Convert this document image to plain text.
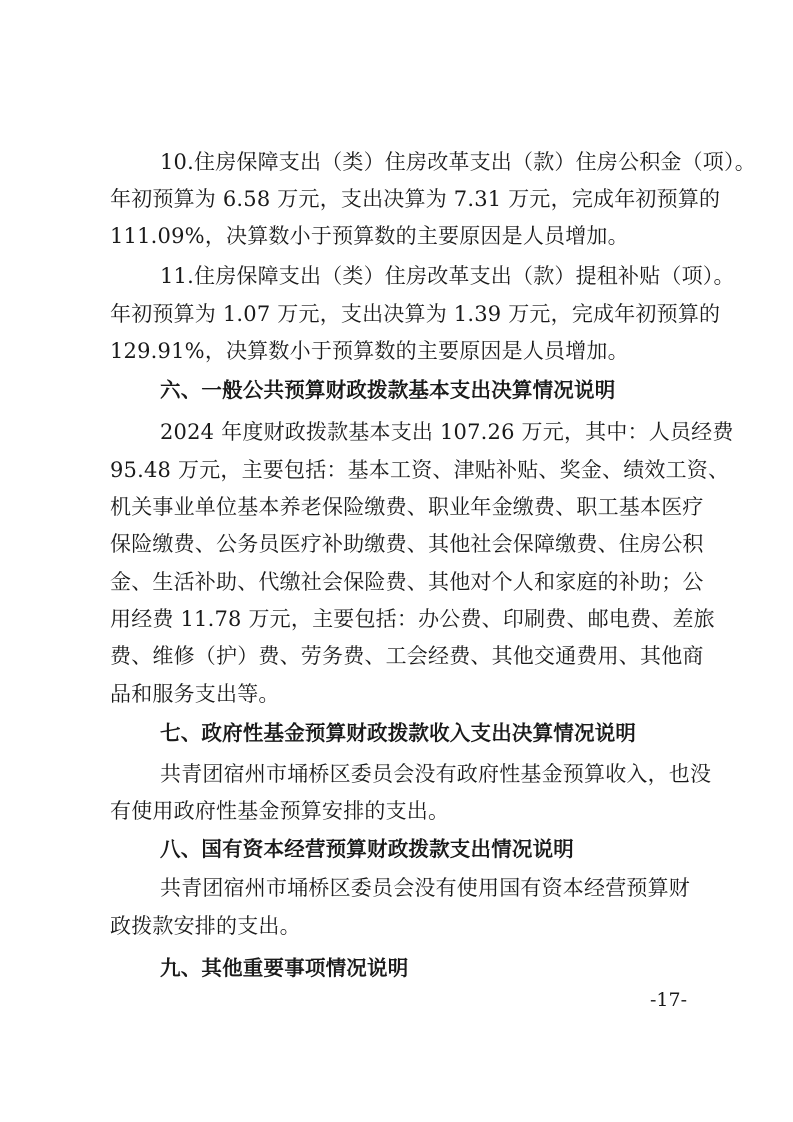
10.住房保障支出（类）住房改革支出（款）住房公积金（项）。
年初预算为 6.58 万元，支出决算为 7.31 万元，完成年初预算的
111.09%，决算数小于预算数的主要原因是人员增加。
11.住房保障支出（类）住房改革支出（款）提租补贴（项）。
年初预算为 1.07 万元，支出决算为 1.39 万元，完成年初预算的
129.91%，决算数小于预算数的主要原因是人员增加。
六、一般公共预算财政拨款基本支出决算情况说明
2024 年度财政拨款基本支出 107.26 万元，其中：人员经费
95.48 万元，主要包括：基本工资、津贴补贴、奖金、绩效工资、
机关事业单位基本养老保险缴费、职业年金缴费、职工基本医疗
保险缴费、公务员医疗补助缴费、其他社会保障缴费、住房公积
金、生活补助、代缴社会保险费、其他对个人和家庭的补助；公
用经费 11.78 万元，主要包括：办公费、印刷费、邮电费、差旅
费、维修（护）费、劳务费、工会经费、其他交通费用、其他商
品和服务支出等。
七、政府性基金预算财政拨款收入支出决算情况说明
共青团宿州市埇桥区委员会没有政府性基金预算收入，也没
有使用政府性基金预算安排的支出。
八、国有资本经营预算财政拨款支出情况说明
共青团宿州市埇桥区委员会没有使用国有资本经营预算财
政拨款安排的支出。
九、其他重要事项情况说明
-17-
